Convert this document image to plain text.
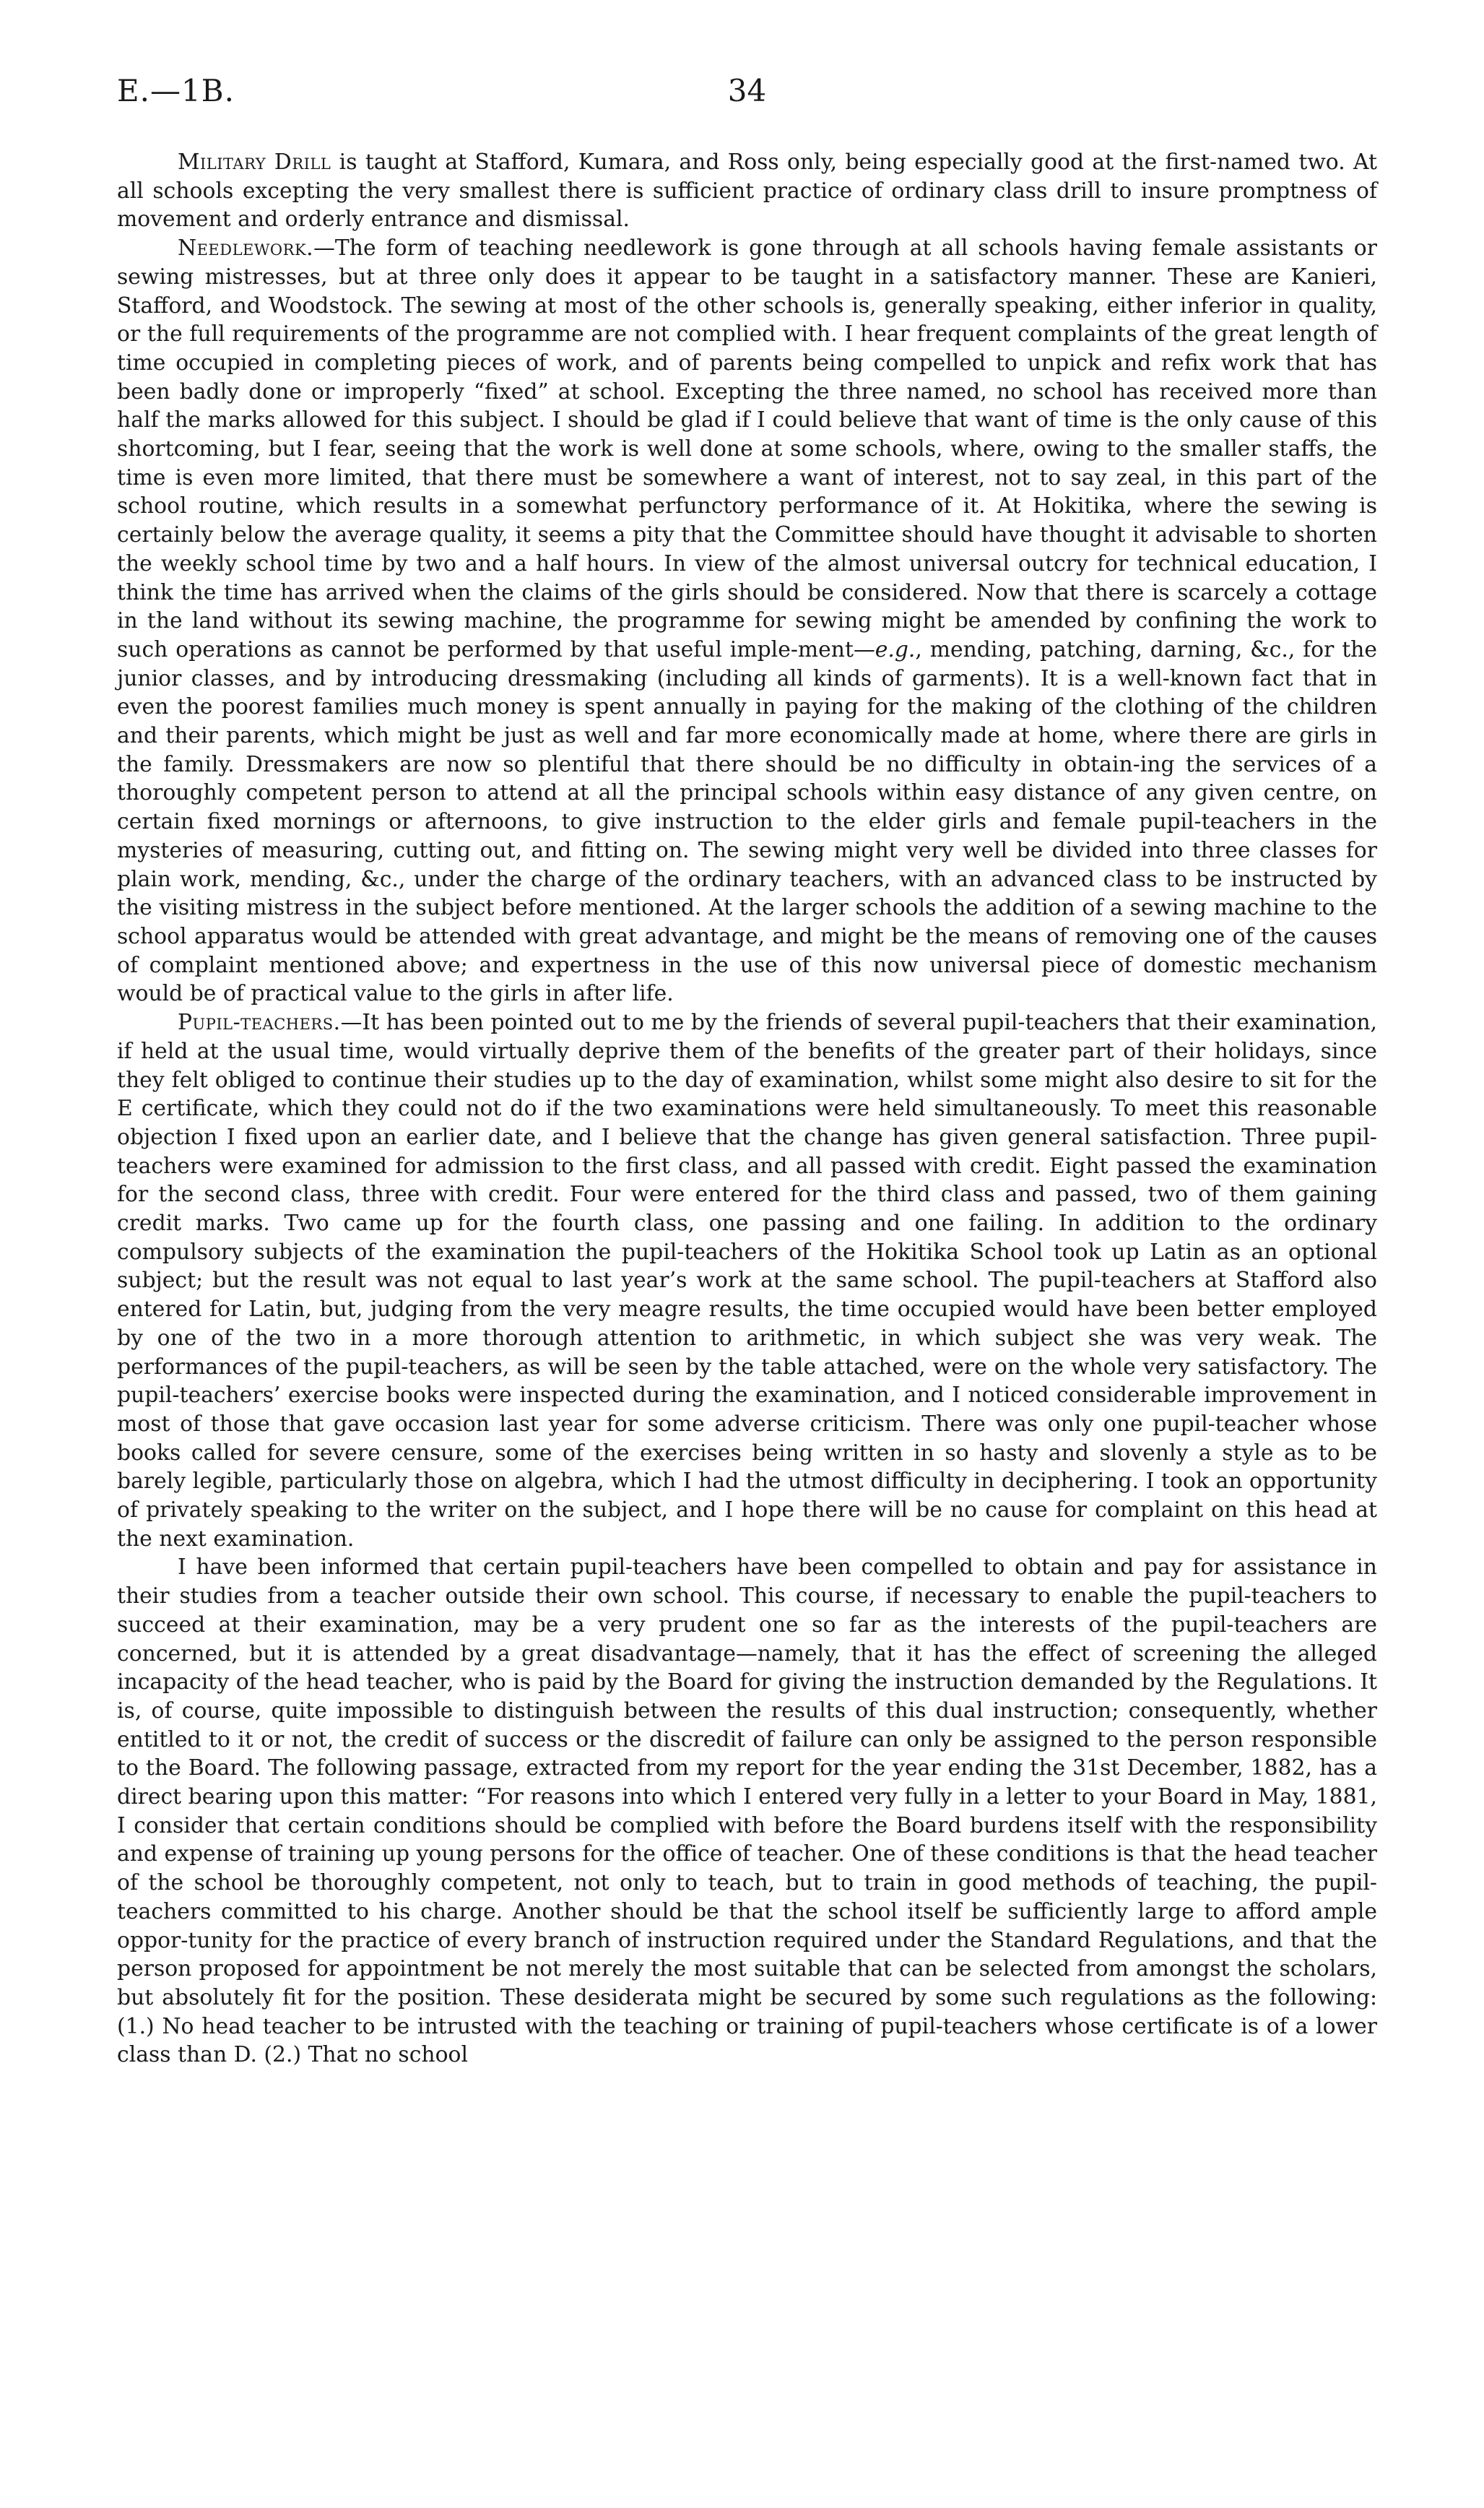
E.—1B.	34

Military Drill is taught at Stafford, Kumara, and Ross only, being especially good at the first-named two. At all schools excepting the very smallest there is sufficient practice of ordinary class drill to insure promptness of movement and orderly entrance and dismissal.

Needlework.—The form of teaching needlework is gone through at all schools having female assistants or sewing mistresses, but at three only does it appear to be taught in a satisfactory manner. These are Kanieri, Stafford, and Woodstock. The sewing at most of the other schools is, generally speaking, either inferior in quality, or the full requirements of the programme are not complied with. I hear frequent complaints of the great length of time occupied in completing pieces of work, and of parents being compelled to unpick and refix work that has been badly done or improperly “fixed” at school. Excepting the three named, no school has received more than half the marks allowed for this subject. I should be glad if I could believe that want of time is the only cause of this shortcoming, but I fear, seeing that the work is well done at some schools, where, owing to the smaller staffs, the time is even more limited, that there must be somewhere a want of interest, not to say zeal, in this part of the school routine, which results in a somewhat perfunctory performance of it. At Hokitika, where the sewing is certainly below the average quality, it seems a pity that the Committee should have thought it advisable to shorten the weekly school time by two and a half hours. In view of the almost universal outcry for technical education, I think the time has arrived when the claims of the girls should be considered. Now that there is scarcely a cottage in the land without its sewing machine, the programme for sewing might be amended by confining the work to such operations as cannot be performed by that useful imple-ment—e.g., mending, patching, darning, &c., for the junior classes, and by introducing dressmaking (including all kinds of garments). It is a well-known fact that in even the poorest families much money is spent annually in paying for the making of the clothing of the children and their parents, which might be just as well and far more economically made at home, where there are girls in the family. Dressmakers are now so plentiful that there should be no difficulty in obtain-ing the services of a thoroughly competent person to attend at all the principal schools within easy distance of any given centre, on certain fixed mornings or afternoons, to give instruction to the elder girls and female pupil-teachers in the mysteries of measuring, cutting out, and fitting on. The sewing might very well be divided into three classes for plain work, mending, &c., under the charge of the ordinary teachers, with an advanced class to be instructed by the visiting mistress in the subject before mentioned. At the larger schools the addition of a sewing machine to the school apparatus would be attended with great advantage, and might be the means of removing one of the causes of complaint mentioned above; and expertness in the use of this now universal piece of domestic mechanism would be of practical value to the girls in after life.

Pupil-teachers.—It has been pointed out to me by the friends of several pupil-teachers that their examination, if held at the usual time, would virtually deprive them of the benefits of the greater part of their holidays, since they felt obliged to continue their studies up to the day of examination, whilst some might also desire to sit for the E certificate, which they could not do if the two examinations were held simultaneously. To meet this reasonable objection I fixed upon an earlier date, and I believe that the change has given general satisfaction. Three pupil-teachers were examined for admission to the first class, and all passed with credit. Eight passed the examination for the second class, three with credit. Four were entered for the third class and passed, two of them gaining credit marks. Two came up for the fourth class, one passing and one failing. In addition to the ordinary compulsory subjects of the examination the pupil-teachers of the Hokitika School took up Latin as an optional subject; but the result was not equal to last year’s work at the same school. The pupil-teachers at Stafford also entered for Latin, but, judging from the very meagre results, the time occupied would have been better employed by one of the two in a more thorough attention to arithmetic, in which subject she was very weak. The performances of the pupil-teachers, as will be seen by the table attached, were on the whole very satisfactory. The pupil-teachers’ exercise books were inspected during the examination, and I noticed considerable improvement in most of those that gave occasion last year for some adverse criticism. There was only one pupil-teacher whose books called for severe censure, some of the exercises being written in so hasty and slovenly a style as to be barely legible, particularly those on algebra, which I had the utmost difficulty in deciphering. I took an opportunity of privately speaking to the writer on the subject, and I hope there will be no cause for complaint on this head at the next examination.

I have been informed that certain pupil-teachers have been compelled to obtain and pay for assistance in their studies from a teacher outside their own school. This course, if necessary to enable the pupil-teachers to succeed at their examination, may be a very prudent one so far as the interests of the pupil-teachers are concerned, but it is attended by a great disadvantage—namely, that it has the effect of screening the alleged incapacity of the head teacher, who is paid by the Board for giving the instruction demanded by the Regulations. It is, of course, quite impossible to distinguish between the results of this dual instruction; consequently, whether entitled to it or not, the credit of success or the discredit of failure can only be assigned to the person responsible to the Board. The following passage, extracted from my report for the year ending the 31st December, 1882, has a direct bearing upon this matter: “For reasons into which I entered very fully in a letter to your Board in May, 1881, I consider that certain conditions should be complied with before the Board burdens itself with the responsibility and expense of training up young persons for the office of teacher. One of these conditions is that the head teacher of the school be thoroughly competent, not only to teach, but to train in good methods of teaching, the pupil-teachers committed to his charge. Another should be that the school itself be sufficiently large to afford ample oppor-tunity for the practice of every branch of instruction required under the Standard Regulations, and that the person proposed for appointment be not merely the most suitable that can be selected from amongst the scholars, but absolutely fit for the position. These desiderata might be secured by some such regulations as the following: (1.) No head teacher to be intrusted with the teaching or training of pupil-teachers whose certificate is of a lower class than D. (2.) That no school
